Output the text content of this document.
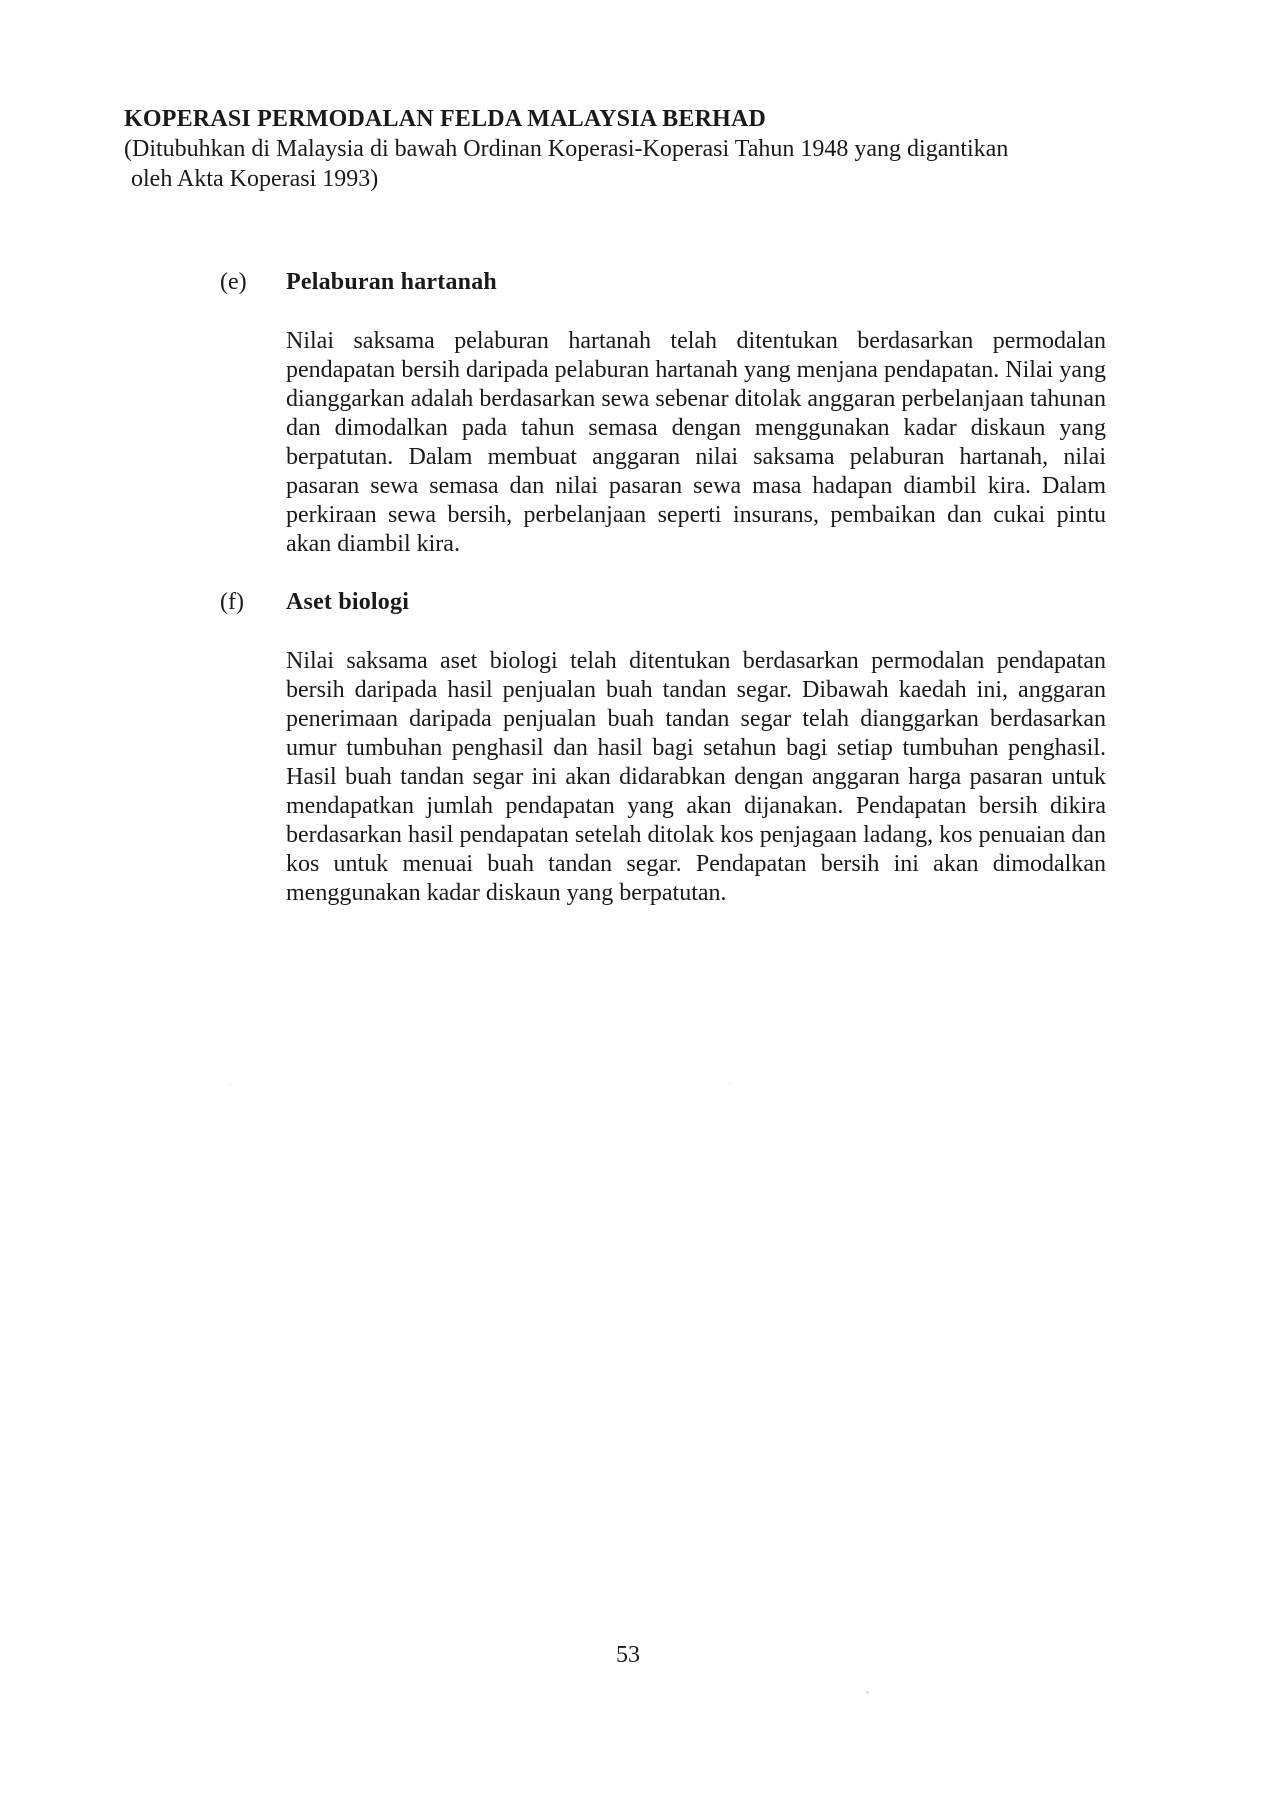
KOPERASI PERMODALAN FELDA MALAYSIA BERHAD
(Ditubuhkan di Malaysia di bawah Ordinan Koperasi-Koperasi Tahun 1948 yang digantikan
oleh Akta Koperasi 1993)
(e)	Pelaburan hartanah
Nilai saksama pelaburan hartanah telah ditentukan berdasarkan permodalan pendapatan bersih daripada pelaburan hartanah yang menjana pendapatan. Nilai yang dianggarkan adalah berdasarkan sewa sebenar ditolak anggaran perbelanjaan tahunan dan dimodalkan pada tahun semasa dengan menggunakan kadar diskaun yang berpatutan. Dalam membuat anggaran nilai saksama pelaburan hartanah, nilai pasaran sewa semasa dan nilai pasaran sewa masa hadapan diambil kira. Dalam perkiraan sewa bersih, perbelanjaan seperti insurans, pembaikan dan cukai pintu akan diambil kira.
(f)	Aset biologi
Nilai saksama aset biologi telah ditentukan berdasarkan permodalan pendapatan bersih daripada hasil penjualan buah tandan segar. Dibawah kaedah ini, anggaran penerimaan daripada penjualan buah tandan segar telah dianggarkan berdasarkan umur tumbuhan penghasil dan hasil bagi setahun bagi setiap tumbuhan penghasil. Hasil buah tandan segar ini akan didarabkan dengan anggaran harga pasaran untuk mendapatkan jumlah pendapatan yang akan dijanakan. Pendapatan bersih dikira berdasarkan hasil pendapatan setelah ditolak kos penjagaan ladang, kos penuaian dan kos untuk menuai buah tandan segar. Pendapatan bersih ini akan dimodalkan menggunakan kadar diskaun yang berpatutan.
53
